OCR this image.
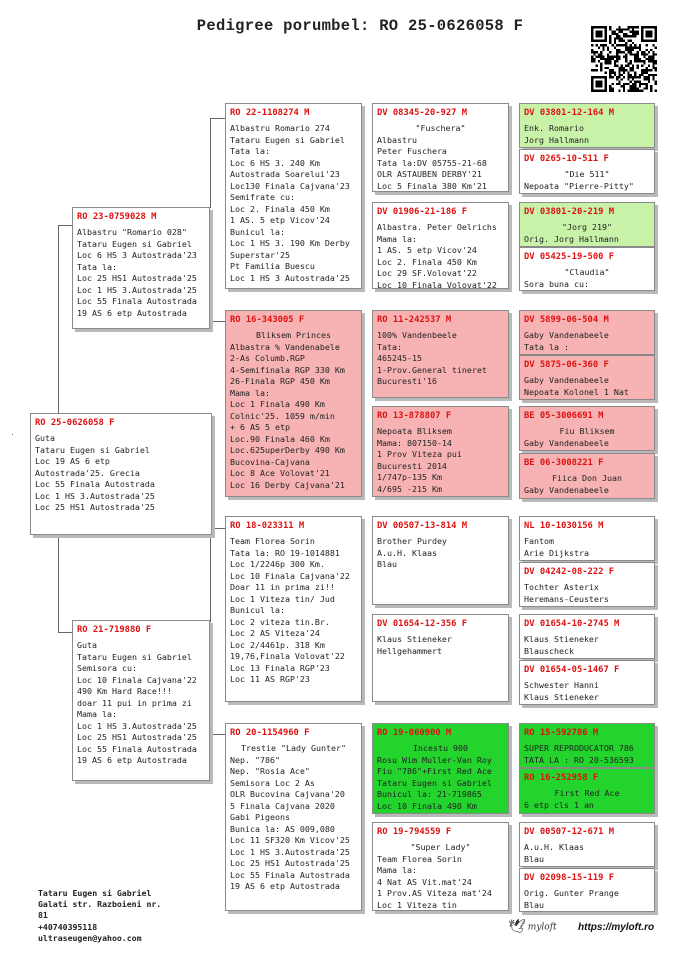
Pedigree porumbel: RO 25-0626058 F
RO 25-0626058 F
Guta
Tataru Eugen si Gabriel
Loc 19 AS 6 etp
Autostrada'25. Grecia
Loc 55 Finala Autostrada
Loc 1 HS 3.Autostrada'25
Loc 25 HS1 Autostrada'25
RO 23-0759028 M
Albastru "Romario 028"
Tataru Eugen si Gabriel
Loc 6 HS 3 Autostrada'23
Tata la:
Loc 25 HS1 Autostrada'25
Loc 1 HS 3.Autostrada'25
Loc 55 Finala Autostrada
19 AS 6 etp Autostrada
RO 21-719880 F
Guta
Tataru Eugen si Gabriel
Semisora cu:
Loc 10 Finala Cajvana'22
490 Km Hard Race!!!
doar 11 pui in prima zi
Mama la:
Loc 1 HS 3.Autostrada'25
Loc 25 HS1 Autostrada'25
Loc 55 Finala Autostrada
19 AS 6 etp Autostrada
RO 22-1108274 M
Albastru Romario 274
Tataru Eugen si Gabriel
Tata la:
Loc 6 HS 3. 240 Km
Autostrada Soarelui'23
Loc130 Finala Cajvana'23
Semifrate cu:
Loc 2. Finala 450 Km
1 AS. 5 etp Vicov'24
Bunicul la:
Loc 1 HS 3. 190 Km Derby
Superstar'25
Pt Familia Buescu
Loc 1 HS 3 Autostrada'25
RO 16-343005 F
Bliksem Princes
Albastra % Vandenabele
2-As Columb.RGP
4-Semifinala RGP 330 Km
26-Finala RGP 450 Km
Mama la:
Loc 1 Finala 490 Km
Colnic'25. 1059 m/min
+ 6 AS 5 etp
Loc.90 Finala 460 Km
Loc.625uperDerby 490 Km
Bucovina-Cajvana
Loc 8 Ace Volovat'21
Loc 16 Derby Cajvana'21
RO 18-023311 M
Team Florea Sorin
Tata la: RO 19-1014881
Loc 1/2246p 300 Km.
Loc 10 Finala Cajvana'22
Doar 11 in prima zi!!
Loc 1 Viteza tin/ Jud
Bunicul la:
Loc 2 viteza tin.Br.
Loc 2 AS Viteza'24
Loc 2/4461p. 318 Km
19,76,Finala Volovat'22
Loc 13 Finala RGP'23
Loc 11 AS RGP'23
RO 20-1154960 F
Trestie "Lady Gunter"
Nep. "786"
Nep. "Rosia Ace"
Semisora Loc 2 As
OLR Bucovina Cajvana'20
5 Finala Cajvana 2020
Gabi Pigeons
Bunica la: AS 009,080
Loc 11 SF320 Km Vicov'25
Loc 1 HS 3.Autostrada'25
Loc 25 HS1 Autostrada'25
Loc 55 Finala Autostrada
19 AS 6 etp Autostrada
DV 08345-20-927 M
"Fuschera"
Albastru
Peter Fuschera
Tata la:DV 05755-21-68
OLR ASTAUBEN DERBY'21
Loc 5 Finala 380 Km'21
DV 01906-21-186 F
Albastra. Peter Oelrichs
Mama la:
1 AS. 5 etp Vicov'24
Loc 2. Finala 450 Km
Loc 29 SF.Volovat'22
Loc 10 Finala Volovat'22
RO 11-242537 M
100% Vandenbeele
Tata:
465245-15
1-Prov.General tineret
Bucuresti'16
RO 13-878807 F
Nepoata Bliksem
Mama: 807150-14
1 Prov Viteza pui
Bucuresti 2014
1/747p-135 Km
4/695 -215 Km
DV 00507-13-814 M
Brother Purdey
A.u.H. Klaas
Blau
DV 01654-12-356 F
Klaus Stieneker
Hellgehammert
RO 19-060900 M
Incestu 900
Rosu Wim Muller-Van Roy
Fiu "786"+First Red Ace
Tataru Eugen si Gabriel
Bunicul la: 21-719865
Loc 10 Finala 490 Km
RO 19-794559 F
"Super Lady"
Team Florea Sorin
Mama la:
4 Nat AS Vit.mat'24
1 Prov.AS Viteza mat'24
Loc 1 Viteza tin
DV 03801-12-164 M
Enk. Romario
Jorg Hallmann
DV 0265-10-511 F
"Die 511"
Nepoata "Pierre-Pitty"
DV 03801-20-219 M
"Jorg 219"
Orig. Jorg Hallmann
DV 05425-19-500 F
"Claudia"
Sora buna cu:
DV 5899-06-504 M
Gaby Vandenabeele
Tata la :
DV 5875-06-360 F
Gaby Vandenabeele
Nepoata Kolonel 1 Nat
BE 05-3006691 M
Fiu Bliksem
Gaby Vandenabeele
BE 06-3008221 F
Fiica Don Juan
Gaby Vandenabeele
NL 10-1030156 M
Fantom
Arie Dijkstra
DV 04242-08-222 F
Tochter Asterix
Heremans-Ceusters
DV 01654-10-2745 M
Klaus Stieneker
Blauscheck
DV 01654-05-1467 F
Schwester Hanni
Klaus Stieneker
RO 15-592786 M
SUPER REPRODUCATOR 786
TATA LA : RO 20-536593
RO 16-252958 F
First Red Ace
6 etp cls 1 an
DV 00507-12-671 M
A.u.H. Klaas
Blau
DV 02098-15-119 F
Orig. Gunter Prange
Blau
Tataru Eugen si Gabriel
Galati str. Razboieni nr.
81
+40740395118
ultraseugen@yahoo.com
🕊 myloft https://myloft.ro
